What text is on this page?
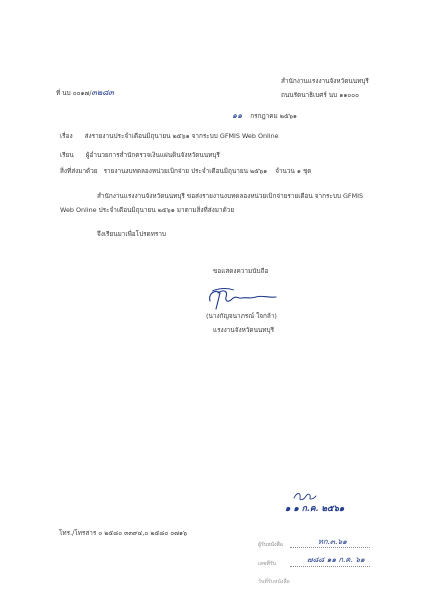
ที่ นบ ๐๐๑๗/๓๒๘๓
สำนักงานแรงงานจังหวัดนนทบุรี
ถนนรัตนาธิเบศร์ นบ ๑๑๐๐๐
๑๑ กรกฎาคม ๒๕๖๑
เรื่อง ส่งรายงานประจำเดือนมิถุนายน ๒๕๖๑ จากระบบ GFMIS Web Online
เรียน ผู้อำนวยการสำนักตรวจเงินแผ่นดินจังหวัดนนทบุรี
สิ่งที่ส่งมาด้วย รายงานงบทดลองหน่วยเบิกจ่าย ประจำเดือนมิถุนายน ๒๕๖๑ จำนวน ๑ ชุด
สำนักงานแรงงานจังหวัดนนทบุรี ขอส่งรายงานงบทดลองหน่วยเบิกจ่ายรายเดือน จากระบบ GFMIS
Web Online ประจำเดือนมิถุนายน ๒๕๖๑ มาตามสิ่งที่ส่งมาด้วย
จึงเรียนมาเพื่อโปรดทราบ
ขอแสดงความนับถือ
(นางกัญจนาภรณ์ ใจกล้า)
แรงงานจังหวัดนนทบุรี
โทร./โทรสาร ๐ ๒๕๘๐ ๓๓๙๔,๐ ๒๕๘๐ ๐๗๑๖
๑ ๑ ก.ค. ๒๕๖๑
ผู้รับหนังสือ	ทก.๓.๖๑
เลขที่รับ	๗๘๘ ๑๑ ก.ค. ๖๑
วันที่รับหนังสือ
